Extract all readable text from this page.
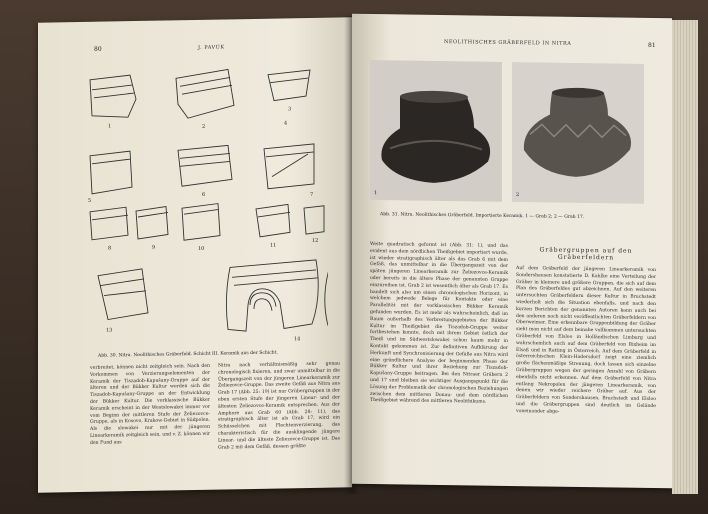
80	J. PAVÚK
1	2
3
4
5
6	7
8	9	10
11
12
13
14
Abb. 30. Nitra. Neolithisches Gräberfeld. Schicht III. Keramik aus der Schicht.
verbreitet, können nicht zeitgleich sein. Nach den Vorkommen von Verzierungselementen der Keramik der Tiszadob-Kapušany-Gruppe auf der älteren und der Bükker Kultur werden sich die Tiszadob-Kapušany-Gruppe an der Entwicklung der Bükker Kultur. Die vorklassische Bükker Keramik erscheint in der Westslowakei immer vor vom Beginn der mittleren Stufe der Želiezovce-Gruppe, als in Kosovo, Krakow-Gebiet in Südpolen. Als die slowakei nur mit der jüngeren Linearkeramik zeitgleich sein, und v. Z. können wir den Fund aus
Nitra nach verhältnismäßig sehr genau chronologisch fixieren, und zwar unmittelbar in die Übergangszeit von der jüngeren Linearkeramik zur Želiezovce-Gruppe. Das zweite Gefäß aus Nitra aus Grab 17 (Abb. 25: 19) ist nur Grübergruppen in der eben ersten Stufe der jüngeren Linear- und der ältesten Želiezovce-Keramik entsprechen. Aus der Amphore aus Grab 60 (Abb. 28: 11), das stratigraphisch älter ist als Grab 17, wird ein Schüsselchen mit Flechtenverzierung, das charakteristisch für die ausklingende jüngere Linear- und die älteste Želiezovce-Gruppe ist. Das Grab 2 mit dem Gefäß, dessen größte
NEOLITHISCHES GRÄBERFELD IN NITRA	81
1	2
Abb. 31. Nitra. Neolithisches Gräberfeld. Importierte Keramik. 1 — Grab 2; 2 — Grab 17.
Weite quadratisch geformt ist (Abb. 31: 1), und das evident aus dem nördlichen Theißgebiet importiert wurde, ist wieder stratigraphisch älter als das Grab 6 mit dem Gefäß, das unmittelbar in die Übergangszeit von der späten jüngeren Linearkeramik zur Želiezovce-Keramik oder bereits in die ältere Phase der genannten Gruppe einzureihen ist. Grab 2 ist wesentlich älter als Grab 17. Es handelt sich also um einen chronologischen Horizont, in welchem jedwede Belege für Kontakte oder eine Parallelität mit der vorklassischen Bükker Keramik gefunden wurden. Es ist mehr als wahrscheinlich, daß im Raum außerhalb des Verbreitungsgebietes der Bükker Kultur im Theißgebiet die Tiszadob-Gruppe weiter fortbestehen konnte, doch mit ihrem Gebiet östlich der Theiß und im Südwestslowakei schon kaum mehr in Kontakt gekommen ist. Zur definitiven Aufklärung der Herkunft und Synchronisierung der Gefäße aus Nitra wird eine gründlichere Analyse der beginnenden Phase der Bükker Kultur und ihrer Beziehung zur Tiszadob-Kapušany-Gruppe beitragen. Bei den Nitraer Gräbern 2 und 17 sind bleiben sie wichtiger Ausgangspunkt für die Lösung der Problematik der chronologischen Beziehungen zwischen dem mittleren Donau- und dem nördlichen Theißgebiet während des mittleren Neolithikums.
Gräbergruppen auf den Gräberfeldern
Auf dem Gräberfeld der jüngeren Linearkeramik von Sondershausen konstatierte D. Kahlke eine Verteilung der Gräber in kleinere und größere Gruppen, die sich auf dem Plan des Gräberfeldes gut abzeichnen. Auf den weiteren untersuchten Gräberfeldern dieser Kultur in Bruchstedt wiederholt sich die Situation ebenfalls, und nach den kurzen Berichten der genannten Autoren kann auch bei den anderen noch nicht veröffentlichten Gräberfeldern von Oberweimar. Eine erkennbare Gruppenbildung der Gräber sieht man nicht auf dem beinahe vollkommen untersuchten Gräberfeld von Elsloo in Holländischen Limburg und wahrscheinlich auch auf dem Gräberfeld von Rixheim im Elsaß und in Ratting in Österreich. Auf dem Gräberfeld in österreichischen Klein-Hadersdorf zeigt eine ziemlich große flächenmäßige Streuung, doch lassen sich einzelne Gräbergruppen wegen der geringen Anzahl von Gräbern ebenfalls nicht erkennen. Auf dem Gräberfeld von Nitra entlang Nekropolen der jüngeren Linearkeramik, von denen wir wieder reichere Gräber auf. Aus der Gräberfeldern von Sondershausen, Bruchstedt und Elsloo und die Gräbergruppen sind deutlich im Gelände voneinander abge-
